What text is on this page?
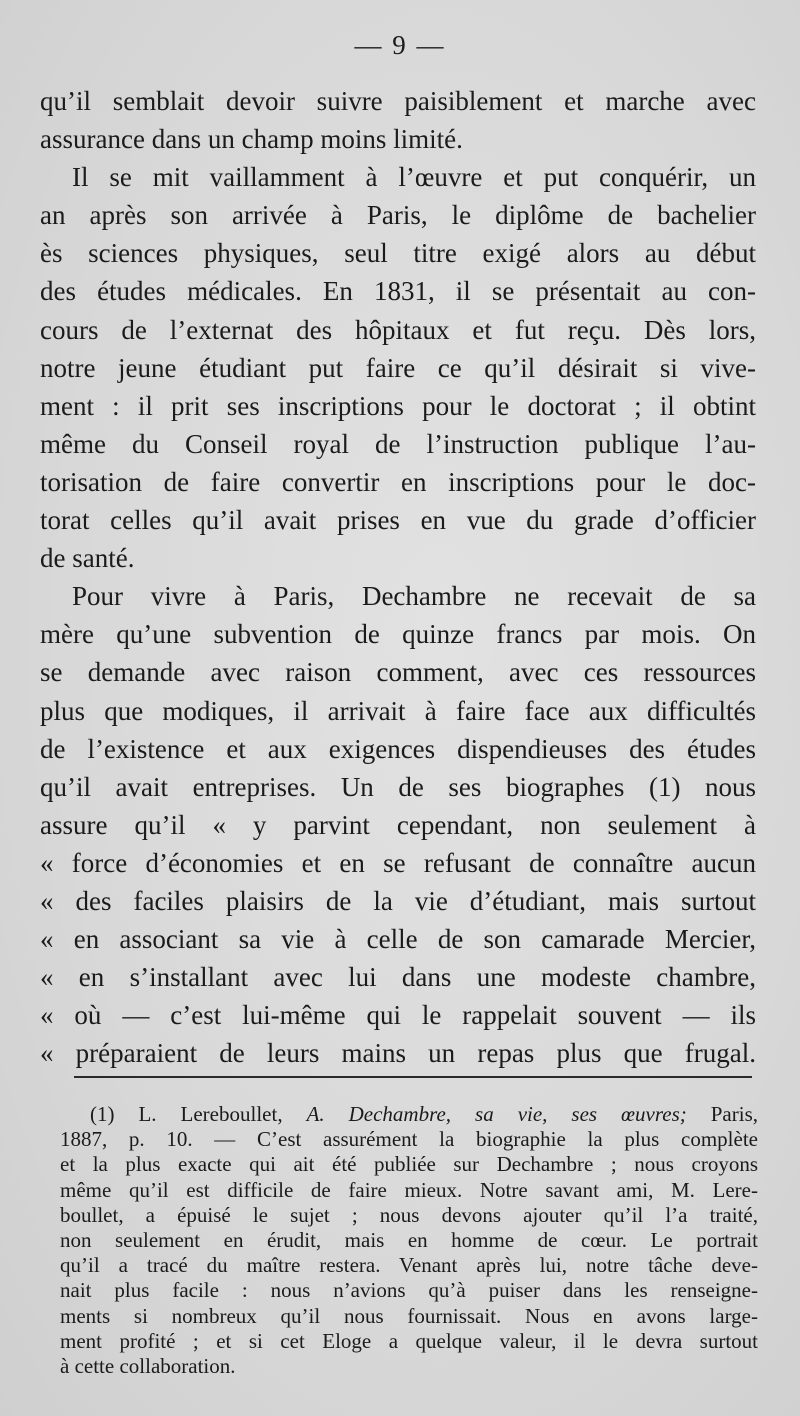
— 9 —
qu’il semblait devoir suivre paisiblement et marche avec
assurance dans un champ moins limité.
Il se mit vaillamment à l’œuvre et put conquérir, un
an après son arrivée à Paris, le diplôme de bachelier
ès sciences physiques, seul titre exigé alors au début
des études médicales. En 1831, il se présentait au con-
cours de l’externat des hôpitaux et fut reçu. Dès lors,
notre jeune étudiant put faire ce qu’il désirait si vive-
ment : il prit ses inscriptions pour le doctorat ; il obtint
même du Conseil royal de l’instruction publique l’au-
torisation de faire convertir en inscriptions pour le doc-
torat celles qu’il avait prises en vue du grade d’officier
de santé.
Pour vivre à Paris, Dechambre ne recevait de sa
mère qu’une subvention de quinze francs par mois. On
se demande avec raison comment, avec ces ressources
plus que modiques, il arrivait à faire face aux difficultés
de l’existence et aux exigences dispendieuses des études
qu’il avait entreprises. Un de ses biographes (1) nous
assure qu’il « y parvint cependant, non seulement à
« force d’économies et en se refusant de connaître aucun
« des faciles plaisirs de la vie d’étudiant, mais surtout
« en associant sa vie à celle de son camarade Mercier,
« en s’installant avec lui dans une modeste chambre,
« où — c’est lui-même qui le rappelait souvent — ils
« préparaient de leurs mains un repas plus que frugal.
(1) L. Lereboullet, A. Dechambre, sa vie, ses œuvres; Paris,
1887, p. 10. — C’est assurément la biographie la plus complète
et la plus exacte qui ait été publiée sur Dechambre ; nous croyons
même qu’il est difficile de faire mieux. Notre savant ami, M. Lere-
boullet, a épuisé le sujet ; nous devons ajouter qu’il l’a traité,
non seulement en érudit, mais en homme de cœur. Le portrait
qu’il a tracé du maître restera. Venant après lui, notre tâche deve-
nait plus facile : nous n’avions qu’à puiser dans les renseigne-
ments si nombreux qu’il nous fournissait. Nous en avons large-
ment profité ; et si cet Eloge a quelque valeur, il le devra surtout
à cette collaboration.
